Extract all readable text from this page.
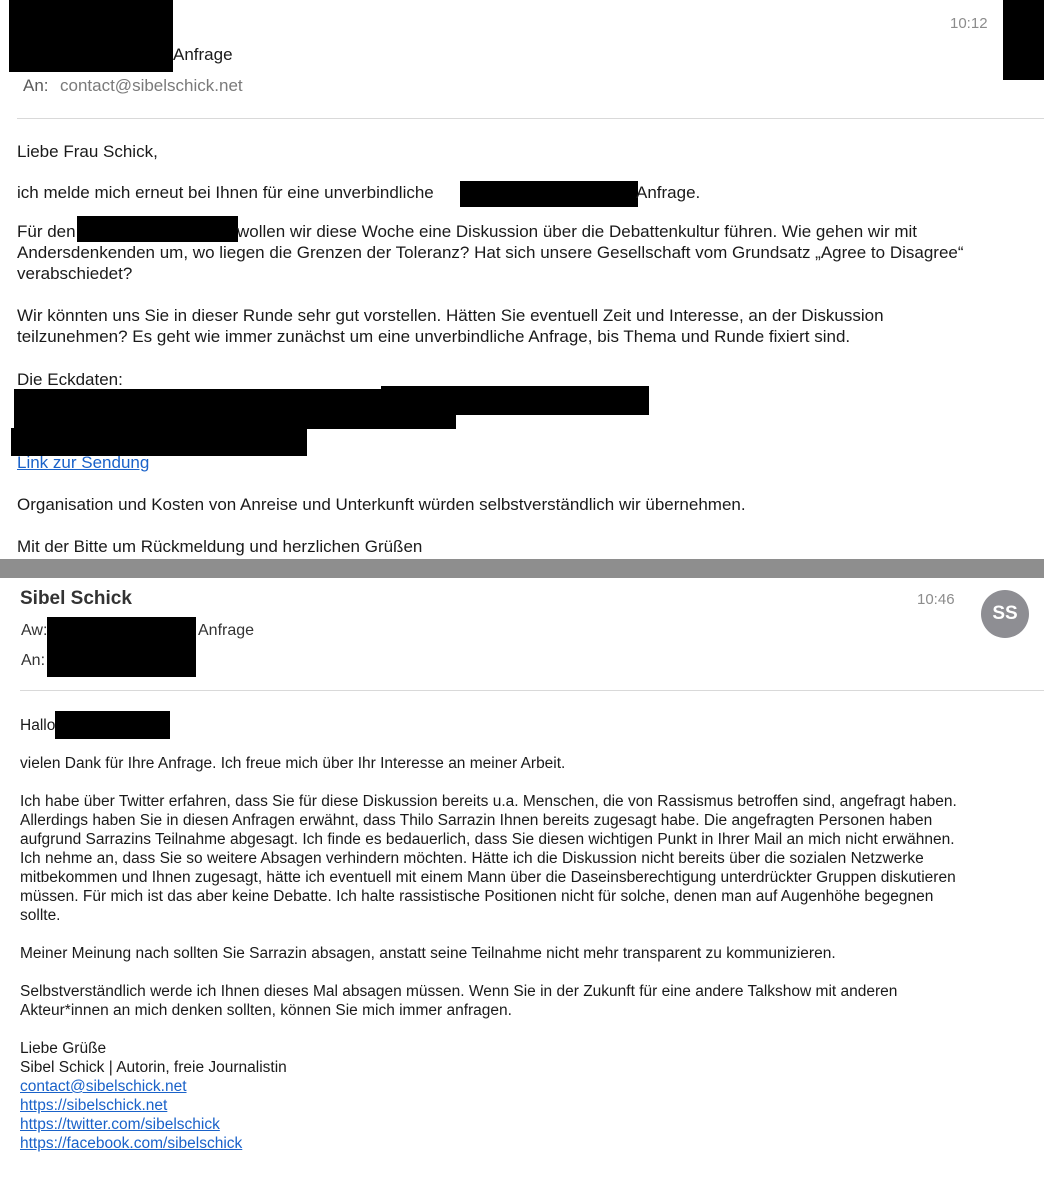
Anfrage
10:12
An: contact@sibelschick.net
Liebe Frau Schick,
ich melde mich erneut bei Ihnen für eine unverbindliche	Anfrage.
Für den	wollen wir diese Woche eine Diskussion über die Debattenkultur führen. Wie gehen wir mit
Andersdenkenden um, wo liegen die Grenzen der Toleranz? Hat sich unsere Gesellschaft vom Grundsatz „Agree to Disagree“
verabschiedet?
Wir könnten uns Sie in dieser Runde sehr gut vorstellen. Hätten Sie eventuell Zeit und Interesse, an der Diskussion
teilzunehmen? Es geht wie immer zunächst um eine unverbindliche Anfrage, bis Thema und Runde fixiert sind.
Die Eckdaten:
Link zur Sendung
Organisation und Kosten von Anreise und Unterkunft würden selbstverständlich wir übernehmen.
Mit der Bitte um Rückmeldung und herzlichen Grüßen
Sibel Schick	10:46
SS
Aw:	Anfrage
An:
Hallo
vielen Dank für Ihre Anfrage. Ich freue mich über Ihr Interesse an meiner Arbeit.
Ich habe über Twitter erfahren, dass Sie für diese Diskussion bereits u.a. Menschen, die von Rassismus betroffen sind, angefragt haben.
Allerdings haben Sie in diesen Anfragen erwähnt, dass Thilo Sarrazin Ihnen bereits zugesagt habe. Die angefragten Personen haben
aufgrund Sarrazins Teilnahme abgesagt. Ich finde es bedauerlich, dass Sie diesen wichtigen Punkt in Ihrer Mail an mich nicht erwähnen.
Ich nehme an, dass Sie so weitere Absagen verhindern möchten. Hätte ich die Diskussion nicht bereits über die sozialen Netzwerke
mitbekommen und Ihnen zugesagt, hätte ich eventuell mit einem Mann über die Daseinsberechtigung unterdrückter Gruppen diskutieren
müssen. Für mich ist das aber keine Debatte. Ich halte rassistische Positionen nicht für solche, denen man auf Augenhöhe begegnen
sollte.
Meiner Meinung nach sollten Sie Sarrazin absagen, anstatt seine Teilnahme nicht mehr transparent zu kommunizieren.
Selbstverständlich werde ich Ihnen dieses Mal absagen müssen. Wenn Sie in der Zukunft für eine andere Talkshow mit anderen
Akteur*innen an mich denken sollten, können Sie mich immer anfragen.
Liebe Grüße
Sibel Schick | Autorin, freie Journalistin
contact@sibelschick.net
https://sibelschick.net
https://twitter.com/sibelschick
https://facebook.com/sibelschick
